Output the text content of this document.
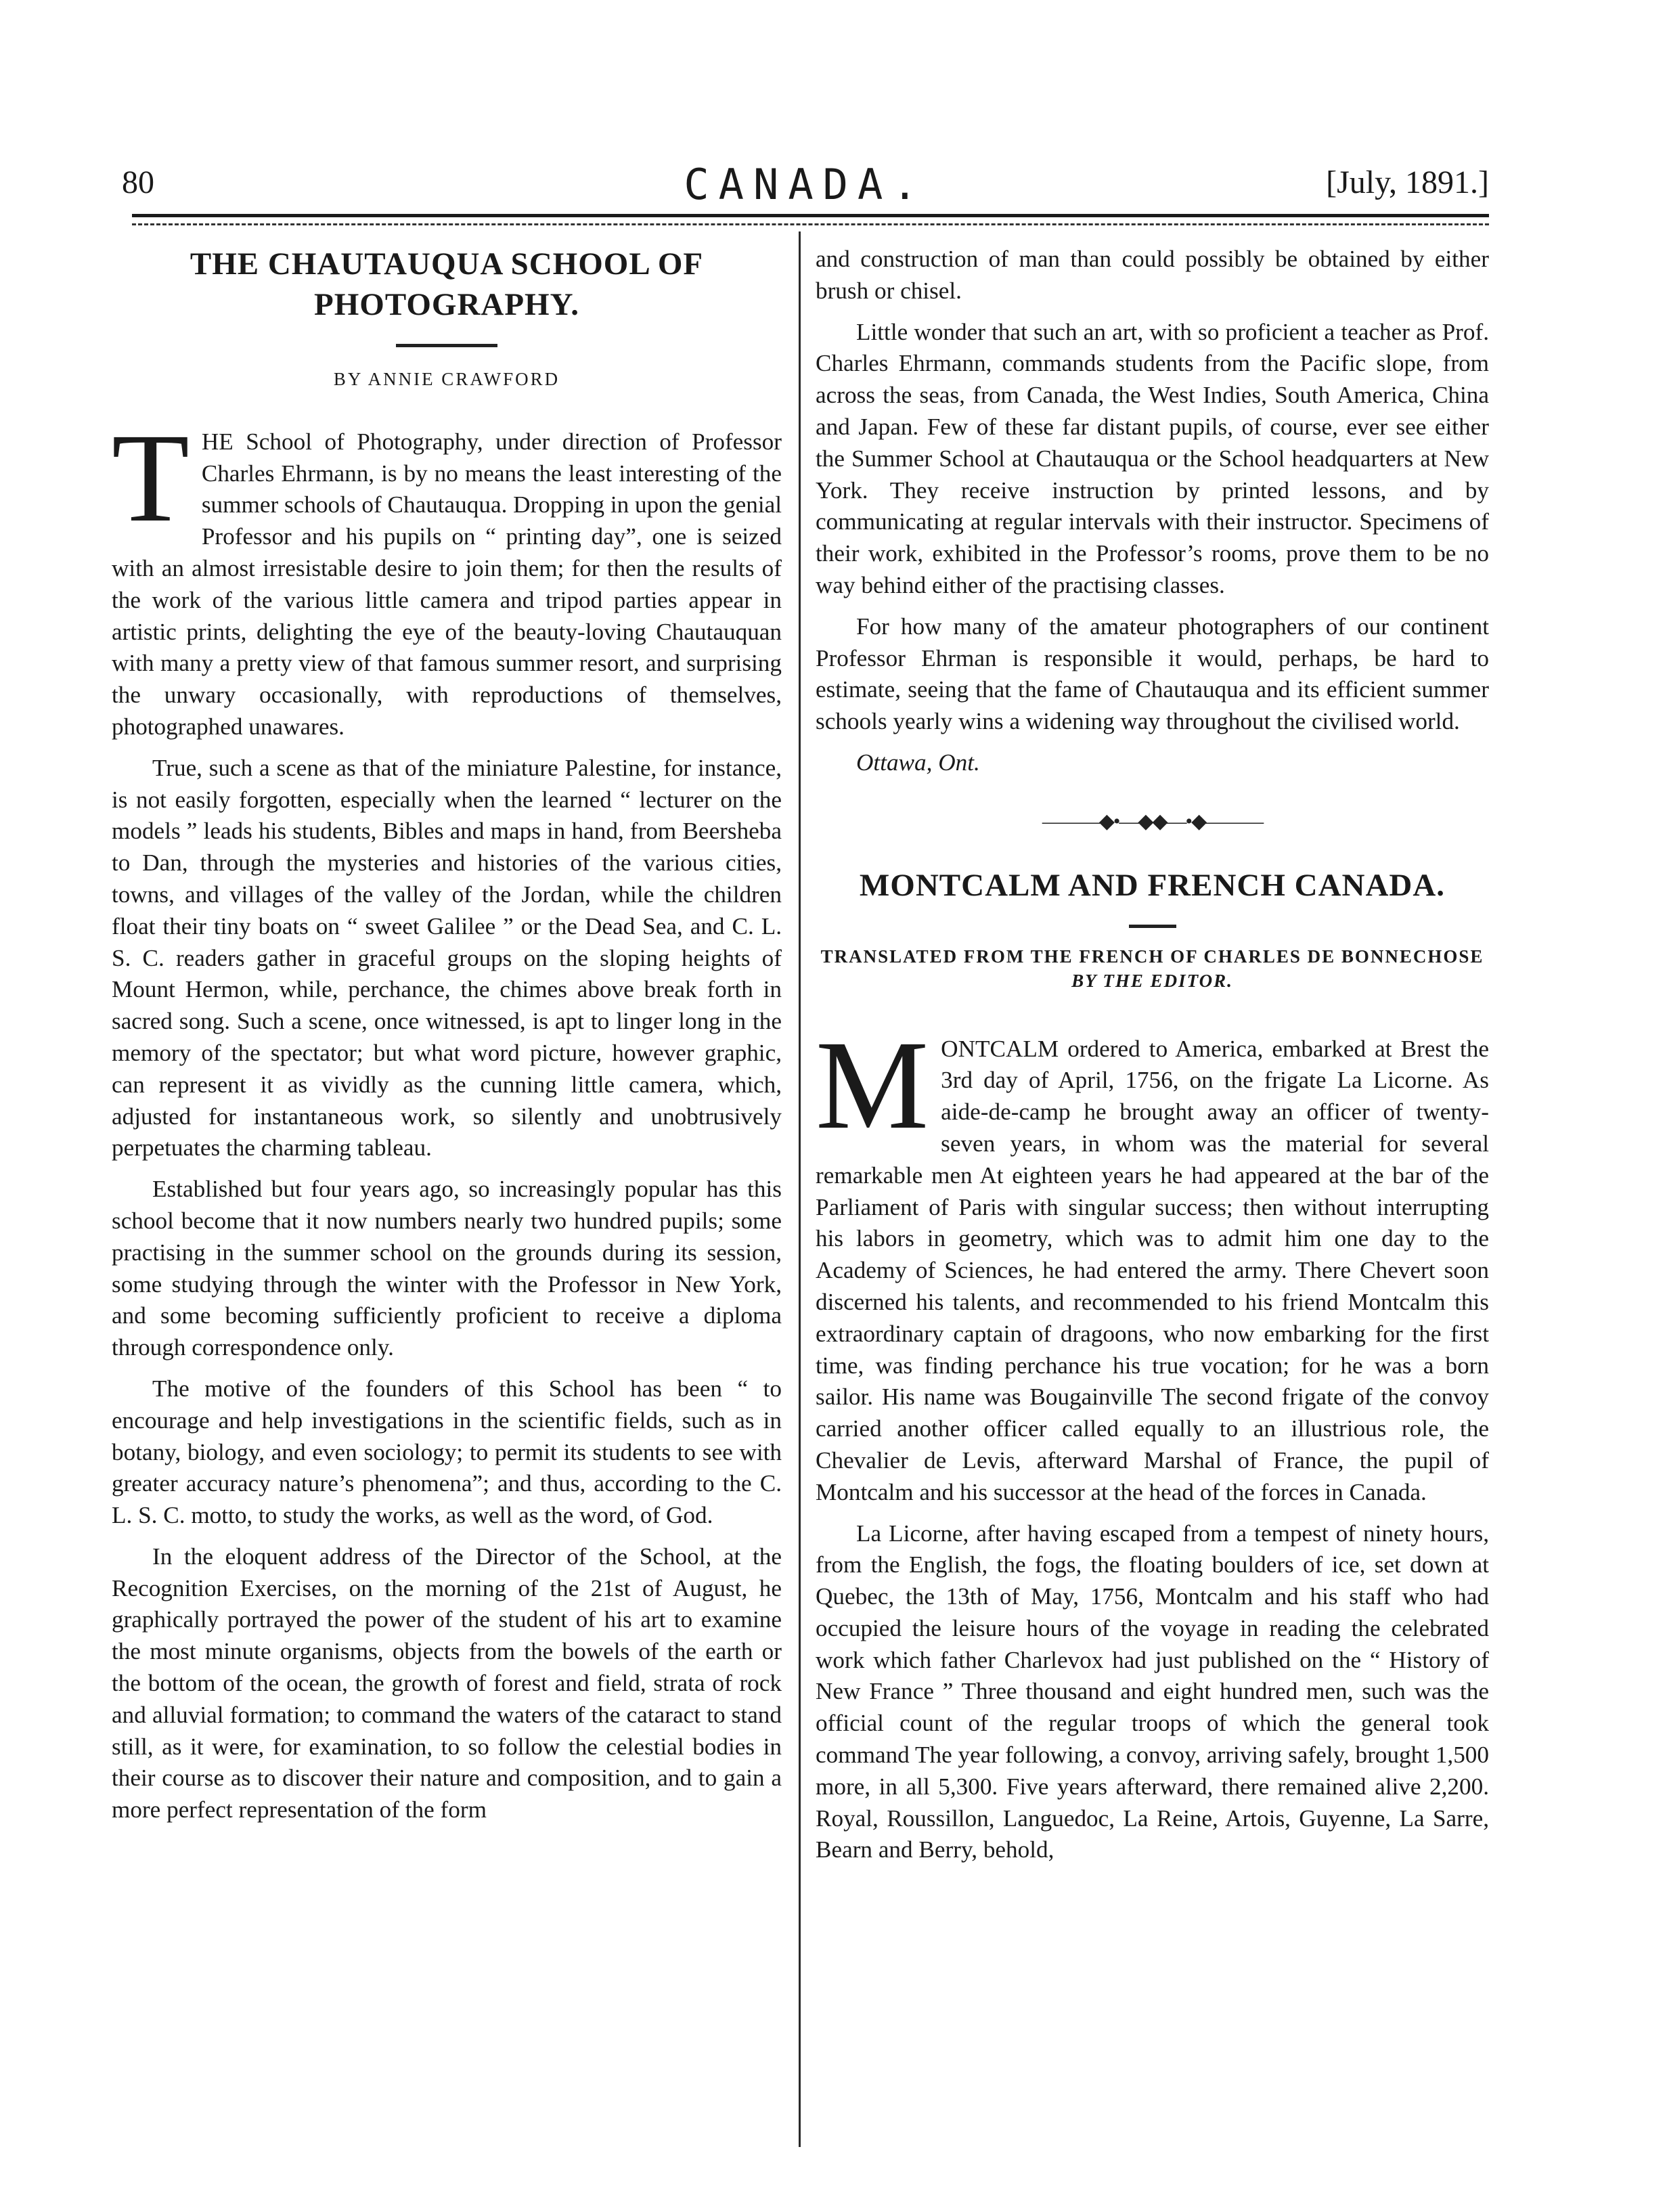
80	CANADA.	[July, 1891.]
THE CHAUTAUQUA SCHOOL OF PHOTOGRAPHY.
BY ANNIE CRAWFORD

THE School of Photography, under direction of Professor Charles Ehrmann, is by no means the least interesting of the summer schools of Chautauqua. Dropping in upon the genial Professor and his pupils on “ printing day”, one is seized with an almost irresistable desire to join them; for then the results of the work of the various little camera and tripod parties appear in artistic prints, delighting the eye of the beauty-loving Chautauquan with many a pretty view of that famous summer resort, and surprising the unwary occasionally, with reproductions of themselves, photographed unawares.

True, such a scene as that of the miniature Palestine, for instance, is not easily forgotten, especially when the learned “ lecturer on the models ” leads his students, Bibles and maps in hand, from Beersheba to Dan, through the mysteries and histories of the various cities, towns, and villages of the valley of the Jordan, while the children float their tiny boats on “ sweet Galilee ” or the Dead Sea, and C. L. S. C. readers gather in graceful groups on the sloping heights of Mount Hermon, while, perchance, the chimes above break forth in sacred song. Such a scene, once witnessed, is apt to linger long in the memory of the spectator; but what word picture, however graphic, can represent it as vividly as the cunning little camera, which, adjusted for instantaneous work, so silently and unobtrusively perpetuates the charming tableau.

Established but four years ago, so increasingly popular has this school become that it now numbers nearly two hundred pupils; some practising in the summer school on the grounds during its session, some studying through the winter with the Professor in New York, and some becoming sufficiently proficient to receive a diploma through correspondence only.

The motive of the founders of this School has been “ to encourage and help investigations in the scientific fields, such as in botany, biology, and even sociology; to permit its students to see with greater accuracy nature’s phenomena”; and thus, according to the C. L. S. C. motto, to study the works, as well as the word, of God.

In the eloquent address of the Director of the School, at the Recognition Exercises, on the morning of the 21st of August, he graphically portrayed the power of the student of his art to examine the most minute organisms, objects from the bowels of the earth or the bottom of the ocean, the growth of forest and field, strata of rock and alluvial formation; to command the waters of the cataract to stand still, as it were, for examination, to so follow the celestial bodies in their course as to discover their nature and composition, and to gain a more perfect representation of the form

and construction of man than could possibly be obtained by either brush or chisel.

Little wonder that such an art, with so proficient a teacher as Prof. Charles Ehrmann, commands students from the Pacific slope, from across the seas, from Canada, the West Indies, South America, China and Japan. Few of these far distant pupils, of course, ever see either the Summer School at Chautauqua or the School headquarters at New York. They receive instruction by printed lessons, and by communicating at regular intervals with their instructor. Specimens of their work, exhibited in the Professor’s rooms, prove them to be no way behind either of the practising classes.

For how many of the amateur photographers of our continent Professor Ehrman is responsible it would, perhaps, be hard to estimate, seeing that the fame of Chautauqua and its efficient summer schools yearly wins a widening way throughout the civilised world.

Ottawa, Ont.
———◆•—◆◆—•◆———
MONTCALM AND FRENCH CANADA.
TRANSLATED FROM THE FRENCH OF CHARLES DE BONNECHOSE
BY THE EDITOR.

MONTCALM ordered to America, embarked at Brest the 3rd day of April, 1756, on the frigate La Licorne. As aide-de-camp he brought away an officer of twenty-seven years, in whom was the material for several remarkable men At eighteen years he had appeared at the bar of the Parliament of Paris with singular success; then without interrupting his labors in geometry, which was to admit him one day to the Academy of Sciences, he had entered the army. There Chevert soon discerned his talents, and recommended to his friend Montcalm this extraordinary captain of dragoons, who now embarking for the first time, was finding perchance his true vocation; for he was a born sailor. His name was Bougainville The second frigate of the convoy carried another officer called equally to an illustrious role, the Chevalier de Levis, afterward Marshal of France, the pupil of Montcalm and his successor at the head of the forces in Canada.

La Licorne, after having escaped from a tempest of ninety hours, from the English, the fogs, the floating boulders of ice, set down at Quebec, the 13th of May, 1756, Montcalm and his staff who had occupied the leisure hours of the voyage in reading the celebrated work which father Charlevox had just published on the “ History of New France ” Three thousand and eight hundred men, such was the official count of the regular troops of which the general took command The year following, a convoy, arriving safely, brought 1,500 more, in all 5,300. Five years afterward, there remained alive 2,200. Royal, Roussillon, Languedoc, La Reine, Artois, Guyenne, La Sarre, Bearn and Berry, behold,
